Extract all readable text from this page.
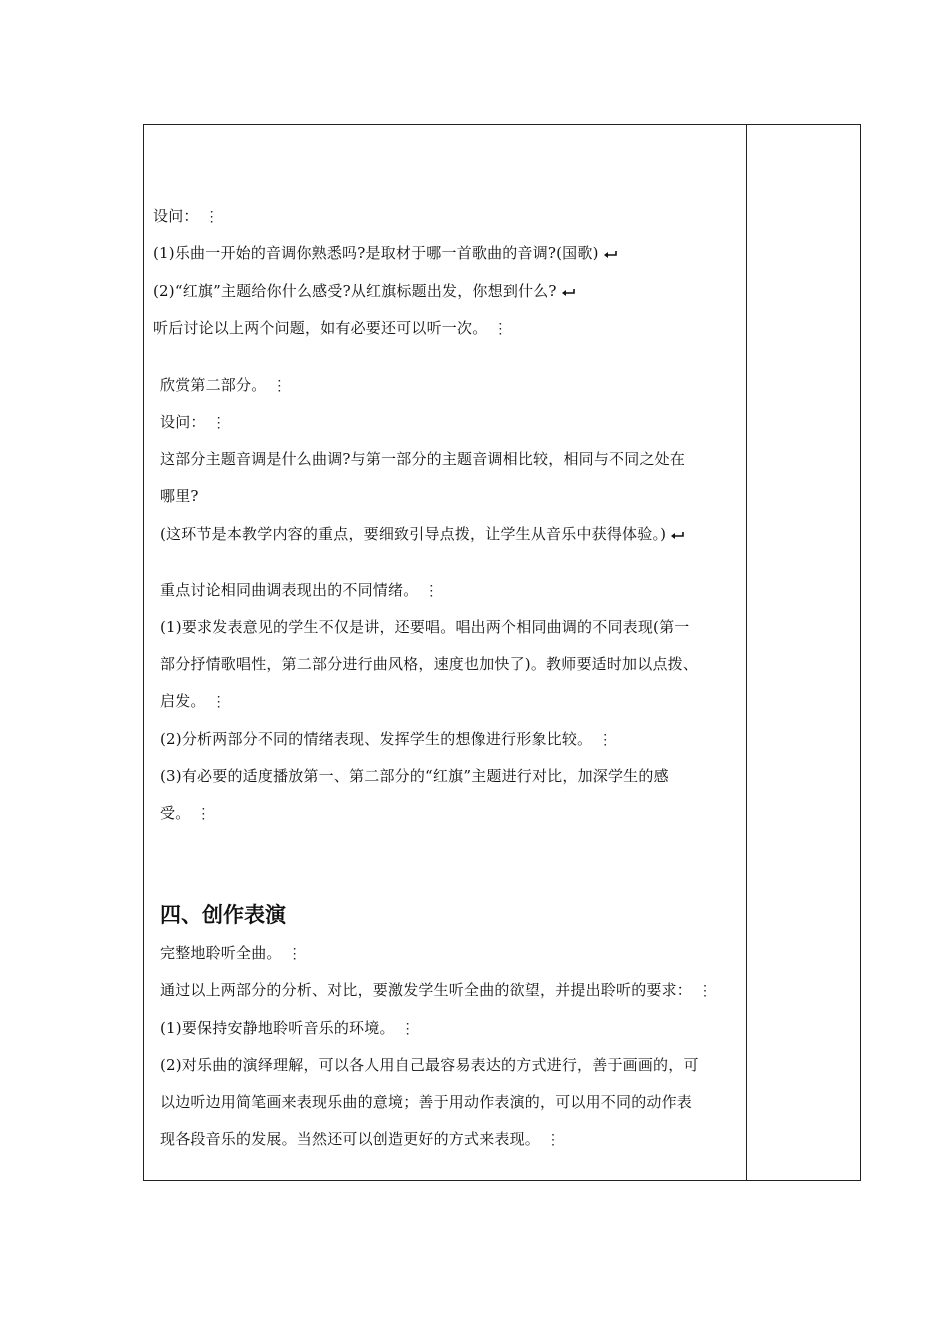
设问： ⋮
(1)乐曲一开始的音调你熟悉吗?是取材于哪一首歌曲的音调?(国歌)
(2)“红旗”主题给你什么感受?从红旗标题出发，你想到什么?
听后讨论以上两个问题，如有必要还可以听一次。 ⋮
欣赏第二部分。 ⋮
设问： ⋮
这部分主题音调是什么曲调?与第一部分的主题音调相比较，相同与不同之处在
哪里?
(这环节是本教学内容的重点，要细致引导点拨，让学生从音乐中获得体验。)
重点讨论相同曲调表现出的不同情绪。 ⋮
(1)要求发表意见的学生不仅是讲，还要唱。唱出两个相同曲调的不同表现(第一
部分抒情歌唱性，第二部分进行曲风格，速度也加快了)。教师要适时加以点拨、
启发。 ⋮
(2)分析两部分不同的情绪表现、发挥学生的想像进行形象比较。 ⋮
(3)有必要的适度播放第一、第二部分的“红旗”主题进行对比，加深学生的感
受。 ⋮
四、创作表演
完整地聆听全曲。 ⋮
通过以上两部分的分析、对比，要激发学生听全曲的欲望，并提出聆听的要求： ⋮
(1)要保持安静地聆听音乐的环境。 ⋮
(2)对乐曲的演绎理解，可以各人用自己最容易表达的方式进行，善于画画的，可
以边听边用简笔画来表现乐曲的意境；善于用动作表演的，可以用不同的动作表
现各段音乐的发展。当然还可以创造更好的方式来表现。 ⋮
